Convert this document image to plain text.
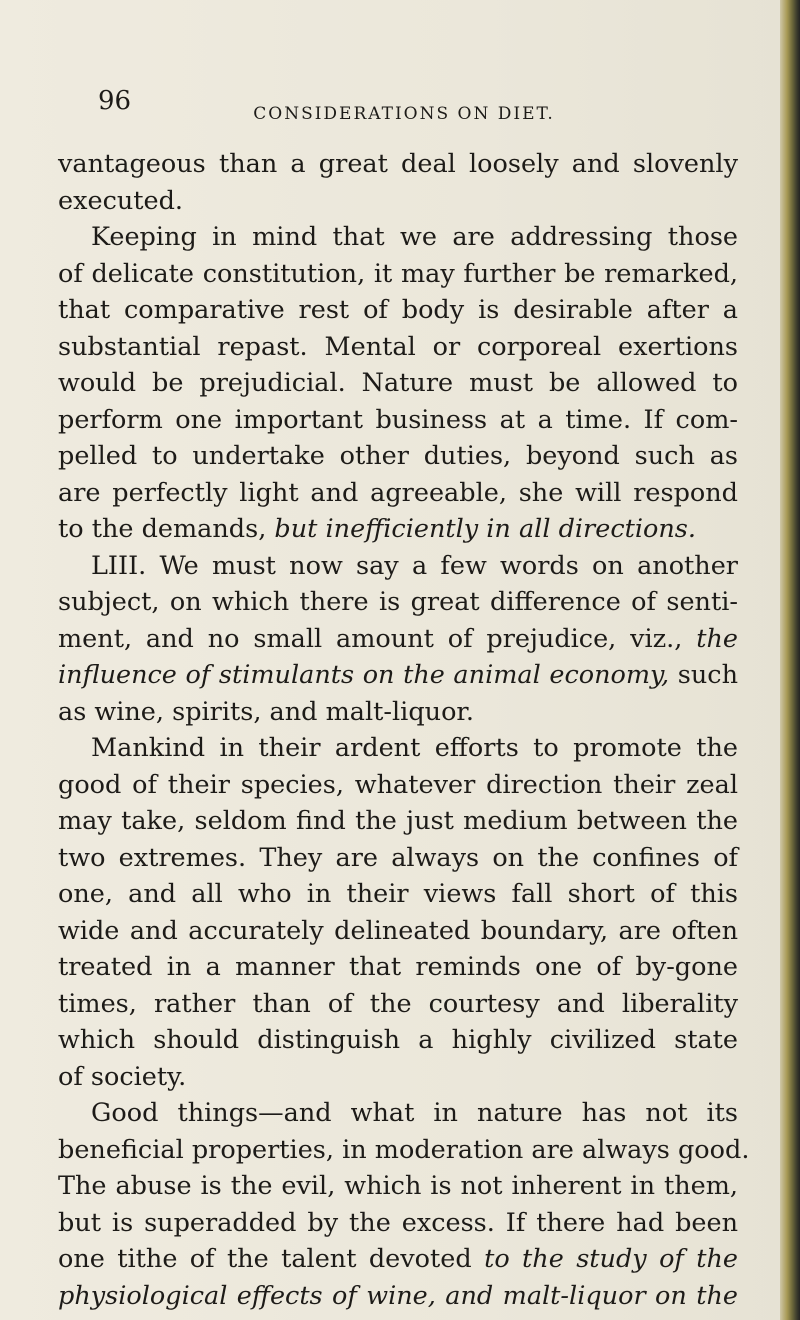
96	CONSIDERATIONS ON DIET.
vantageous than a great deal loosely and slovenly
executed.
Keeping in mind that we are addressing those
of delicate constitution, it may further be remarked,
that comparative rest of body is desirable after a
substantial repast. Mental or corporeal exertions
would be prejudicial. Nature must be allowed to
perform one important business at a time. If com-
pelled to undertake other duties, beyond such as
are perfectly light and agreeable, she will respond
to the demands, but inefficiently in all directions.
LIII. We must now say a few words on another
subject, on which there is great difference of senti-
ment, and no small amount of prejudice, viz., the
influence of stimulants on the animal economy, such
as wine, spirits, and malt-liquor.
Mankind in their ardent efforts to promote the
good of their species, whatever direction their zeal
may take, seldom find the just medium between the
two extremes. They are always on the confines of
one, and all who in their views fall short of this
wide and accurately delineated boundary, are often
treated in a manner that reminds one of by-gone
times, rather than of the courtesy and liberality
which should distinguish a highly civilized state
of society.
Good things—and what in nature has not its
beneficial properties, in moderation are always good.
The abuse is the evil, which is not inherent in them,
but is superadded by the excess. If there had been
one tithe of the talent devoted to the study of the
physiological effects of wine, and malt-liquor on the
